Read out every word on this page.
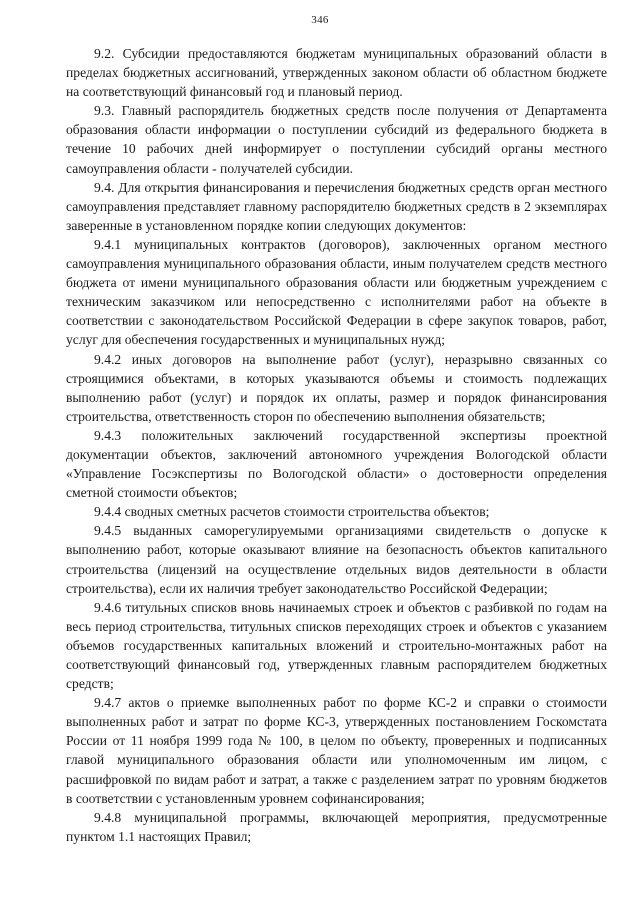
346

9.2. Субсидии предоставляются бюджетам муниципальных образований области в пределах бюджетных ассигнований, утвержденных законом области об областном бюджете на соответствующий финансовый год и плановый период.

9.3. Главный распорядитель бюджетных средств после получения от Департамента образования области информации о поступлении субсидий из федерального бюджета в течение 10 рабочих дней информирует о поступлении субсидий органы местного самоуправления области - получателей субсидии.

9.4. Для открытия финансирования и перечисления бюджетных средств орган местного самоуправления представляет главному распорядителю бюджетных средств в 2 экземплярах заверенные в установленном порядке копии следующих документов:

9.4.1 муниципальных контрактов (договоров), заключенных органом местного самоуправления муниципального образования области, иным получателем средств местного бюджета от имени муниципального образования области или бюджетным учреждением с техническим заказчиком или непосредственно с исполнителями работ на объекте в соответствии с законодательством Российской Федерации в сфере закупок товаров, работ, услуг для обеспечения государственных и муниципальных нужд;

9.4.2 иных договоров на выполнение работ (услуг), неразрывно связанных со строящимися объектами, в которых указываются объемы и стоимость подлежащих выполнению работ (услуг) и порядок их оплаты, размер и порядок финансирования строительства, ответственность сторон по обеспечению выполнения обязательств;

9.4.3 положительных заключений государственной экспертизы проектной документации объектов, заключений автономного учреждения Вологодской области «Управление Госэкспертизы по Вологодской области» о достоверности определения сметной стоимости объектов;

9.4.4 сводных сметных расчетов стоимости строительства объектов;

9.4.5 выданных саморегулируемыми организациями свидетельств о допуске к выполнению работ, которые оказывают влияние на безопасность объектов капитального строительства (лицензий на осуществление отдельных видов деятельности в области строительства), если их наличия требует законодательство Российской Федерации;

9.4.6 титульных списков вновь начинаемых строек и объектов с разбивкой по годам на весь период строительства, титульных списков переходящих строек и объектов с указанием объемов государственных капитальных вложений и строительно-монтажных работ на соответствующий финансовый год, утвержденных главным распорядителем бюджетных средств;

9.4.7 актов о приемке выполненных работ по форме КС-2 и справки о стоимости выполненных работ и затрат по форме КС-3, утвержденных постановлением Госкомстата России от 11 ноября 1999 года № 100, в целом по объекту, проверенных и подписанных главой муниципального образования области или уполномоченным им лицом, с расшифровкой по видам работ и затрат, а также с разделением затрат по уровням бюджетов в соответствии с установленным уровнем софинансирования;

9.4.8 муниципальной программы, включающей мероприятия, предусмотренные пунктом 1.1 настоящих Правил;
